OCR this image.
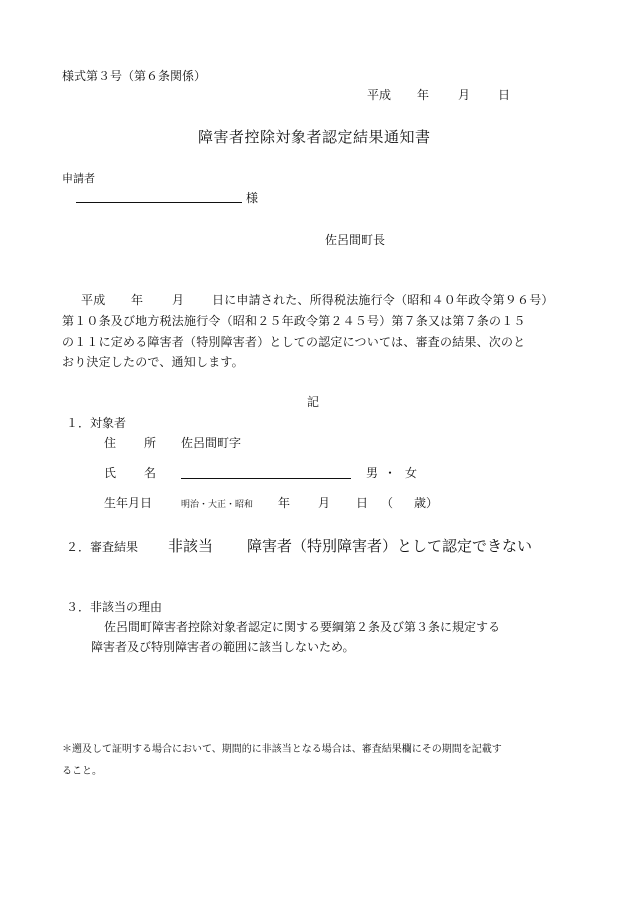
様式第３号（第６条関係）
平成 年 月 日
障害者控除対象者認定結果通知書
申請者
様
佐呂間町長
平成 年 月 日に申請された、所得税法施行令（昭和４０年政令第９６号）
第１０条及び地方税法施行令（昭和２５年政令第２４５号）第７条又は第７条の１５
の１１に定める障害者（特別障害者）としての認定については、審査の結果、次のと
おり決定したので、通知します。
記
１．対象者
住 所 佐呂間町字
氏 名	男 ・ 女
生年月日	明治・大正・昭和 年 月 日 （ 歳）
２．審査結果 非該当 障害者（特別障害者）として認定できない
３．非該当の理由
佐呂間町障害者控除対象者認定に関する要綱第２条及び第３条に規定する
障害者及び特別障害者の範囲に該当しないため。
＊遡及して証明する場合において、期間的に非該当となる場合は、審査結果欄にその期間を記載す
ること。
